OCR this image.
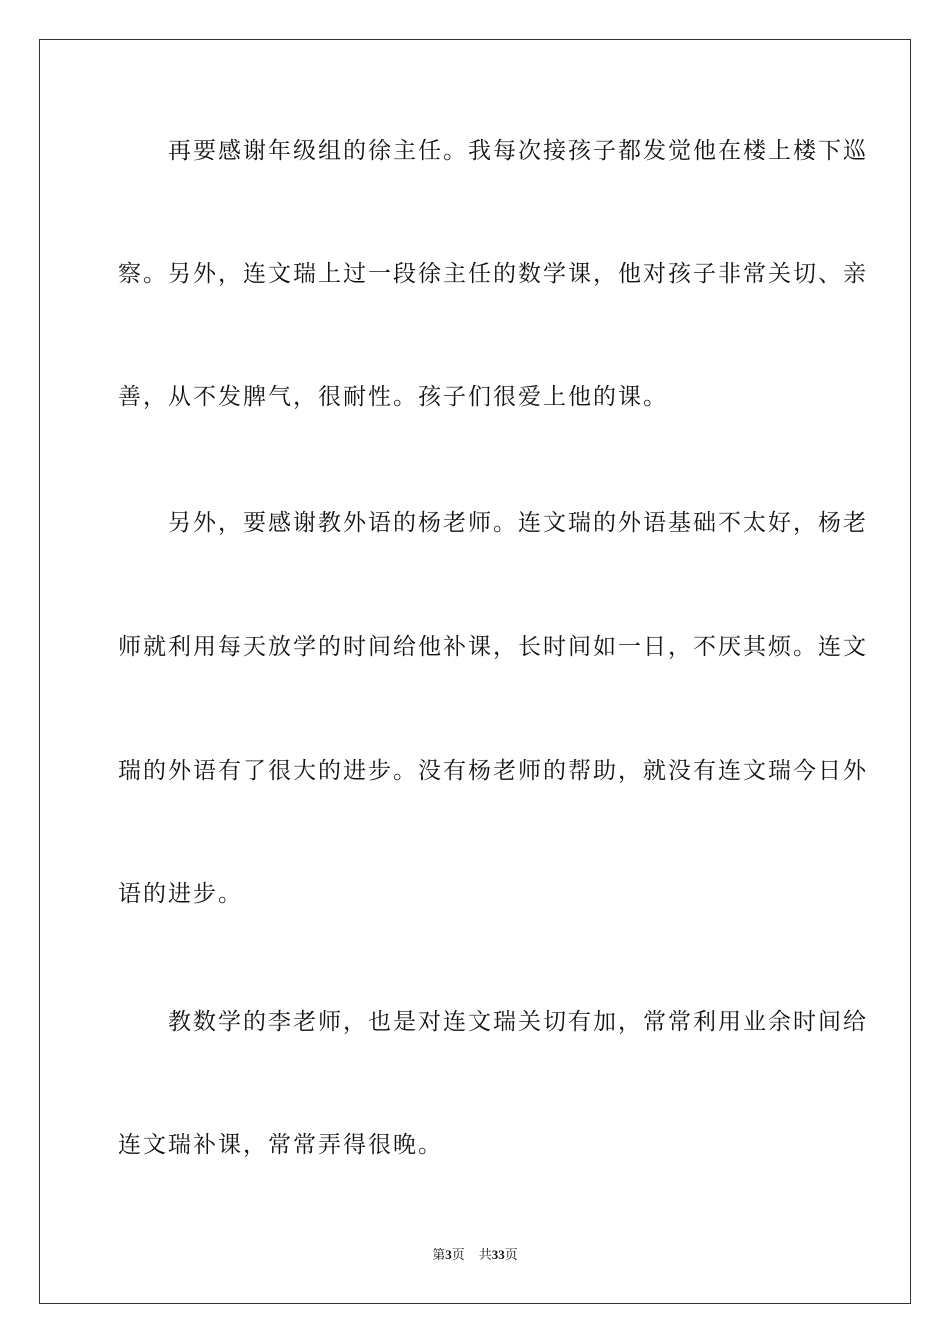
　　再要感谢年级组的徐主任。我每次接孩子都发觉他在楼上楼下巡
察。另外，连文瑞上过一段徐主任的数学课，他对孩子非常关切、亲
善，从不发脾气，很耐性。孩子们很爱上他的课。
　　另外，要感谢教外语的杨老师。连文瑞的外语基础不太好，杨老
师就利用每天放学的时间给他补课，长时间如一日，不厌其烦。连文
瑞的外语有了很大的进步。没有杨老师的帮助，就没有连文瑞今日外
语的进步。
　　教数学的李老师，也是对连文瑞关切有加，常常利用业余时间给
连文瑞补课，常常弄得很晚。
第3页 共33页
